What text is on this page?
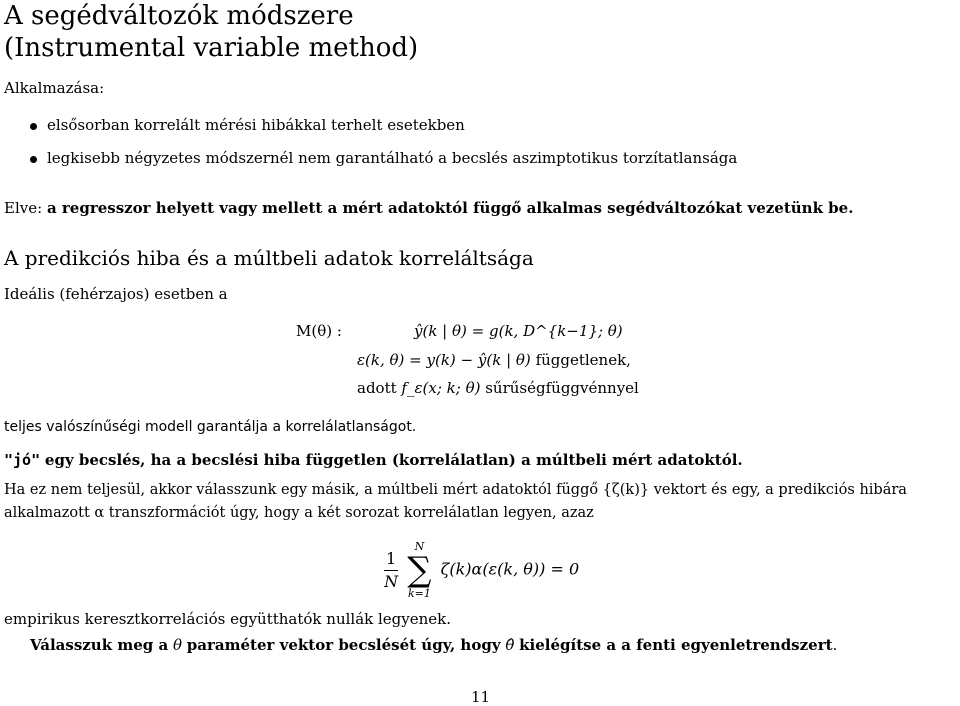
A segédváltozók módszere
(Instrumental variable method)
Alkalmazása:
elsősorban korrelált mérési hibákkal terhelt esetekben
legkisebb négyzetes módszernél nem garantálható a becslés aszimptotikus torzítatlansága
Elve: a regresszor helyett vagy mellett a mért adatoktól függő alkalmas segédváltozókat vezetünk be.
A predikciós hiba és a múltbeli adatok korreláltsága
Ideális (fehérzajos) esetben a
M(θ) :	ŷ(k | θ) = g(k, D^{k−1}; θ)
ε(k, θ) = y(k) − ŷ(k | θ) függetlenek,
adott f_ε(x; k; θ) sűrűségfüggvénnyel
teljes valószínűségi modell garantálja a korrelálatlanságot.
"jó" egy becslés, ha a becslési hiba független (korrelálatlan) a múltbeli mért adatoktól.
Ha ez nem teljesül, akkor válasszunk egy másik, a múltbeli mért adatoktól függő {ζ(k)} vektort és egy, a predikciós hibára
alkalmazott α transzformációt úgy, hogy a két sorozat korrelálatlan legyen, azaz
$\frac{1}{N}$

N
∑
k=1
ζ(k)α(ε(k, θ)) = 0
empirikus keresztkorrelációs együtthatók nullák legyenek.
Válasszuk meg a θ paraméter vektor becslését úgy, hogy θ̂ kielégítse a a fenti egyenletrendszert.
11
